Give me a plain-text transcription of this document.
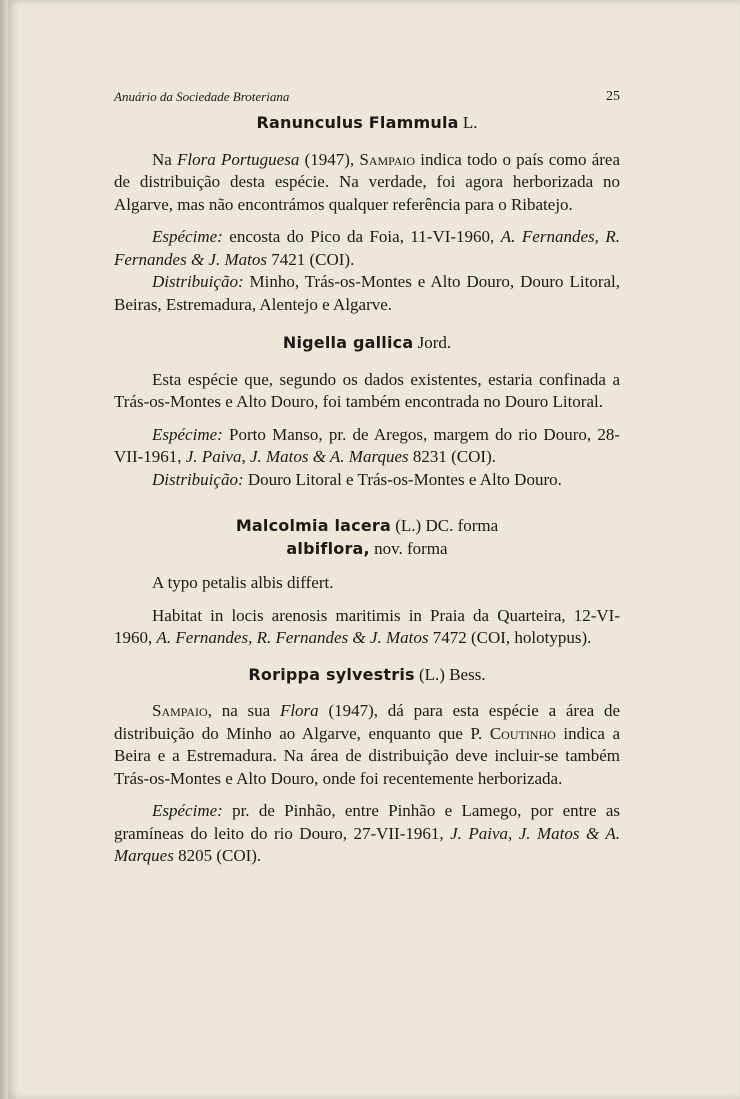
Anuário da Sociedade Broteriana	25
Ranunculus Flammula L.

Na Flora Portuguesa (1947), Sampaio indica todo o país como área de distribuição desta espécie. Na verdade, foi agora herborizada no Algarve, mas não encontrámos qualquer referência para o Ribatejo.

Espécime: encosta do Pico da Foia, 11-VI-1960, A. Fernandes, R. Fernandes & J. Matos 7421 (COI).

Distribuição: Minho, Trás-os-Montes e Alto Douro, Douro Litoral, Beiras, Estremadura, Alentejo e Algarve.

Nigella gallica Jord.

Esta espécie que, segundo os dados existentes, estaria confinada a Trás-os-Montes e Alto Douro, foi também encontrada no Douro Litoral.

Espécime: Porto Manso, pr. de Aregos, margem do rio Douro, 28-VII-1961, J. Paiva, J. Matos & A. Marques 8231 (COI).

Distribuição: Douro Litoral e Trás-os-Montes e Alto Douro.

Malcolmia lacera (L.) DC. forma
albiflora, nov. forma

A typo petalis albis differt.

Habitat in locis arenosis maritimis in Praia da Quarteira, 12-VI-1960, A. Fernandes, R. Fernandes & J. Matos 7472 (COI, holotypus).

Rorippa sylvestris (L.) Bess.

Sampaio, na sua Flora (1947), dá para esta espécie a área de distribuição do Minho ao Algarve, enquanto que P. Coutinho indica a Beira e a Estremadura. Na área de distribuição deve incluir-se também Trás-os-Montes e Alto Douro, onde foi recentemente herborizada.

Espécime: pr. de Pinhão, entre Pinhão e Lamego, por entre as gramíneas do leito do rio Douro, 27-VII-1961, J. Paiva, J. Matos & A. Marques 8205 (COI).
